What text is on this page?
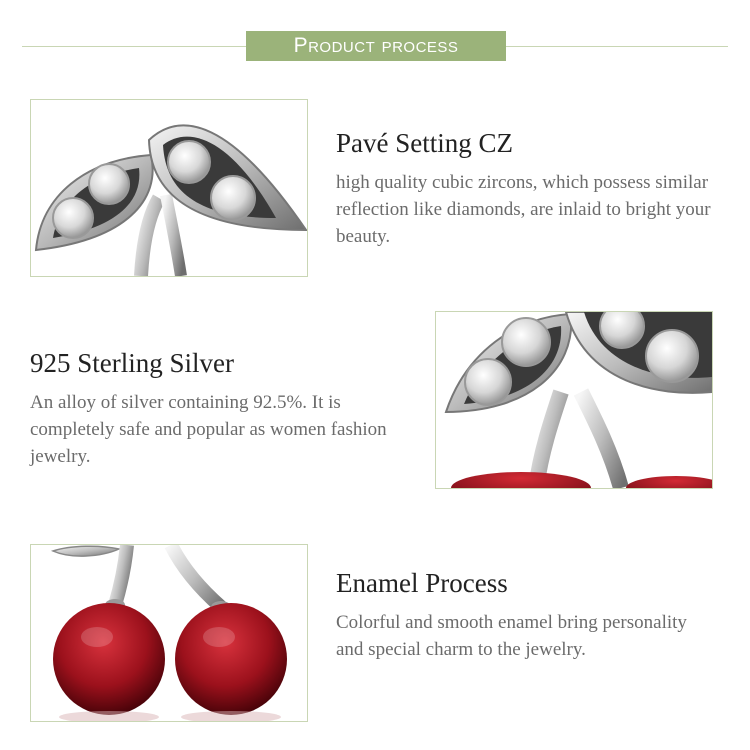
Product process
Pavé Setting CZ
high quality cubic zircons, which possess similar reflection like diamonds, are inlaid to bright your beauty.
925 Sterling Silver
An alloy of silver containing 92.5%. It is completely safe and popular as women fashion jewelry.
Enamel Process
Colorful and smooth enamel bring personality and special charm to the jewelry.
